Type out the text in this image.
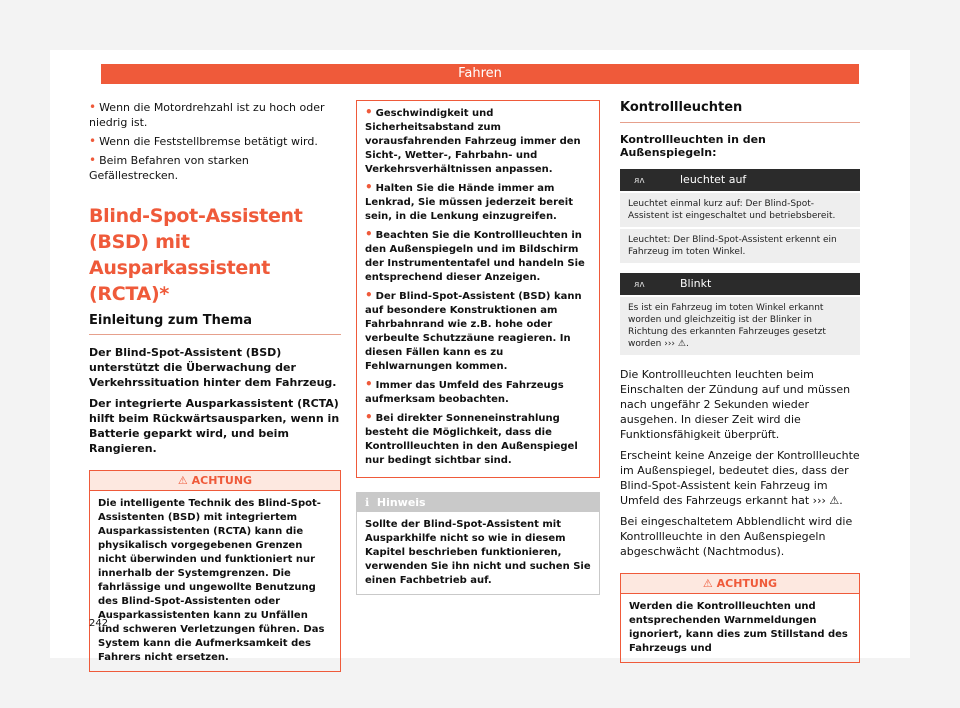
Fahren
• Wenn die Motordrehzahl ist zu hoch oder niedrig ist.
• Wenn die Feststellbremse betätigt wird.
• Beim Befahren von starken Gefällestrecken.
Blind-Spot-Assistent (BSD) mit Ausparkassistent (RCTA)*
Einleitung zum Thema

Der Blind-Spot-Assistent (BSD) unterstützt die Überwachung der Verkehrssituation hinter dem Fahrzeug.

Der integrierte Ausparkassistent (RCTA) hilft beim Rückwärtsausparken, wenn in Batterie geparkt wird, und beim Rangieren.

⚠ ACHTUNG
Die intelligente Technik des Blind-Spot-Assistenten (BSD) mit integriertem Ausparkassistenten (RCTA) kann die physikalisch vorgegebenen Grenzen nicht überwinden und funktioniert nur innerhalb der Systemgrenzen. Die fahrlässige und ungewollte Benutzung des Blind-Spot-Assistenten oder Ausparkassistenten kann zu Unfällen und schweren Verletzungen führen. Das System kann die Aufmerksamkeit des Fahrers nicht ersetzen.

• Geschwindigkeit und Sicherheitsabstand zum vorausfahrenden Fahrzeug immer den Sicht-, Wetter-, Fahrbahn- und Verkehrsverhältnissen anpassen.

• Halten Sie die Hände immer am Lenkrad, Sie müssen jederzeit bereit sein, in die Lenkung einzugreifen.

• Beachten Sie die Kontrollleuchten in den Außenspiegeln und im Bildschirm der Instrumententafel und handeln Sie entsprechend dieser Anzeigen.

• Der Blind-Spot-Assistent (BSD) kann auf besondere Konstruktionen am Fahrbahnrand wie z.B. hohe oder verbeulte Schutzzäune reagieren. In diesen Fällen kann es zu Fehlwarnungen kommen.

• Immer das Umfeld des Fahrzeugs aufmerksam beobachten.

• Bei direkter Sonneneinstrahlung besteht die Möglichkeit, dass die Kontrollleuchten in den Außenspiegel nur bedingt sichtbar sind.

ℹ Hinweis
Sollte der Blind-Spot-Assistent mit Ausparkhilfe nicht so wie in diesem Kapitel beschrieben funktionieren, verwenden Sie ihn nicht und suchen Sie einen Fachbetrieb auf.
Kontrollleuchten
Kontrollleuchten in den Außenspiegeln:
ᴙᴧ	leuchtet auf
Leuchtet einmal kurz auf: Der Blind-Spot-Assistent ist eingeschaltet und betriebsbereit.
Leuchtet: Der Blind-Spot-Assistent erkennt ein Fahrzeug im toten Winkel.
ᴙᴧ	Blinkt
Es ist ein Fahrzeug im toten Winkel erkannt worden und gleichzeitig ist der Blinker in Richtung des erkannten Fahrzeuges gesetzt worden ››› ⚠.

Die Kontrollleuchten leuchten beim Einschalten der Zündung auf und müssen nach ungefähr 2 Sekunden wieder ausgehen. In dieser Zeit wird die Funktionsfähigkeit überprüft.

Erscheint keine Anzeige der Kontrollleuchte im Außenspiegel, bedeutet dies, dass der Blind-Spot-Assistent kein Fahrzeug im Umfeld des Fahrzeugs erkannt hat ››› ⚠.

Bei eingeschaltetem Abblendlicht wird die Kontrollleuchte in den Außenspiegeln abgeschwächt (Nachtmodus).

⚠ ACHTUNG
Werden die Kontrollleuchten und entsprechenden Warnmeldungen ignoriert, kann dies zum Stillstand des Fahrzeugs und
242
